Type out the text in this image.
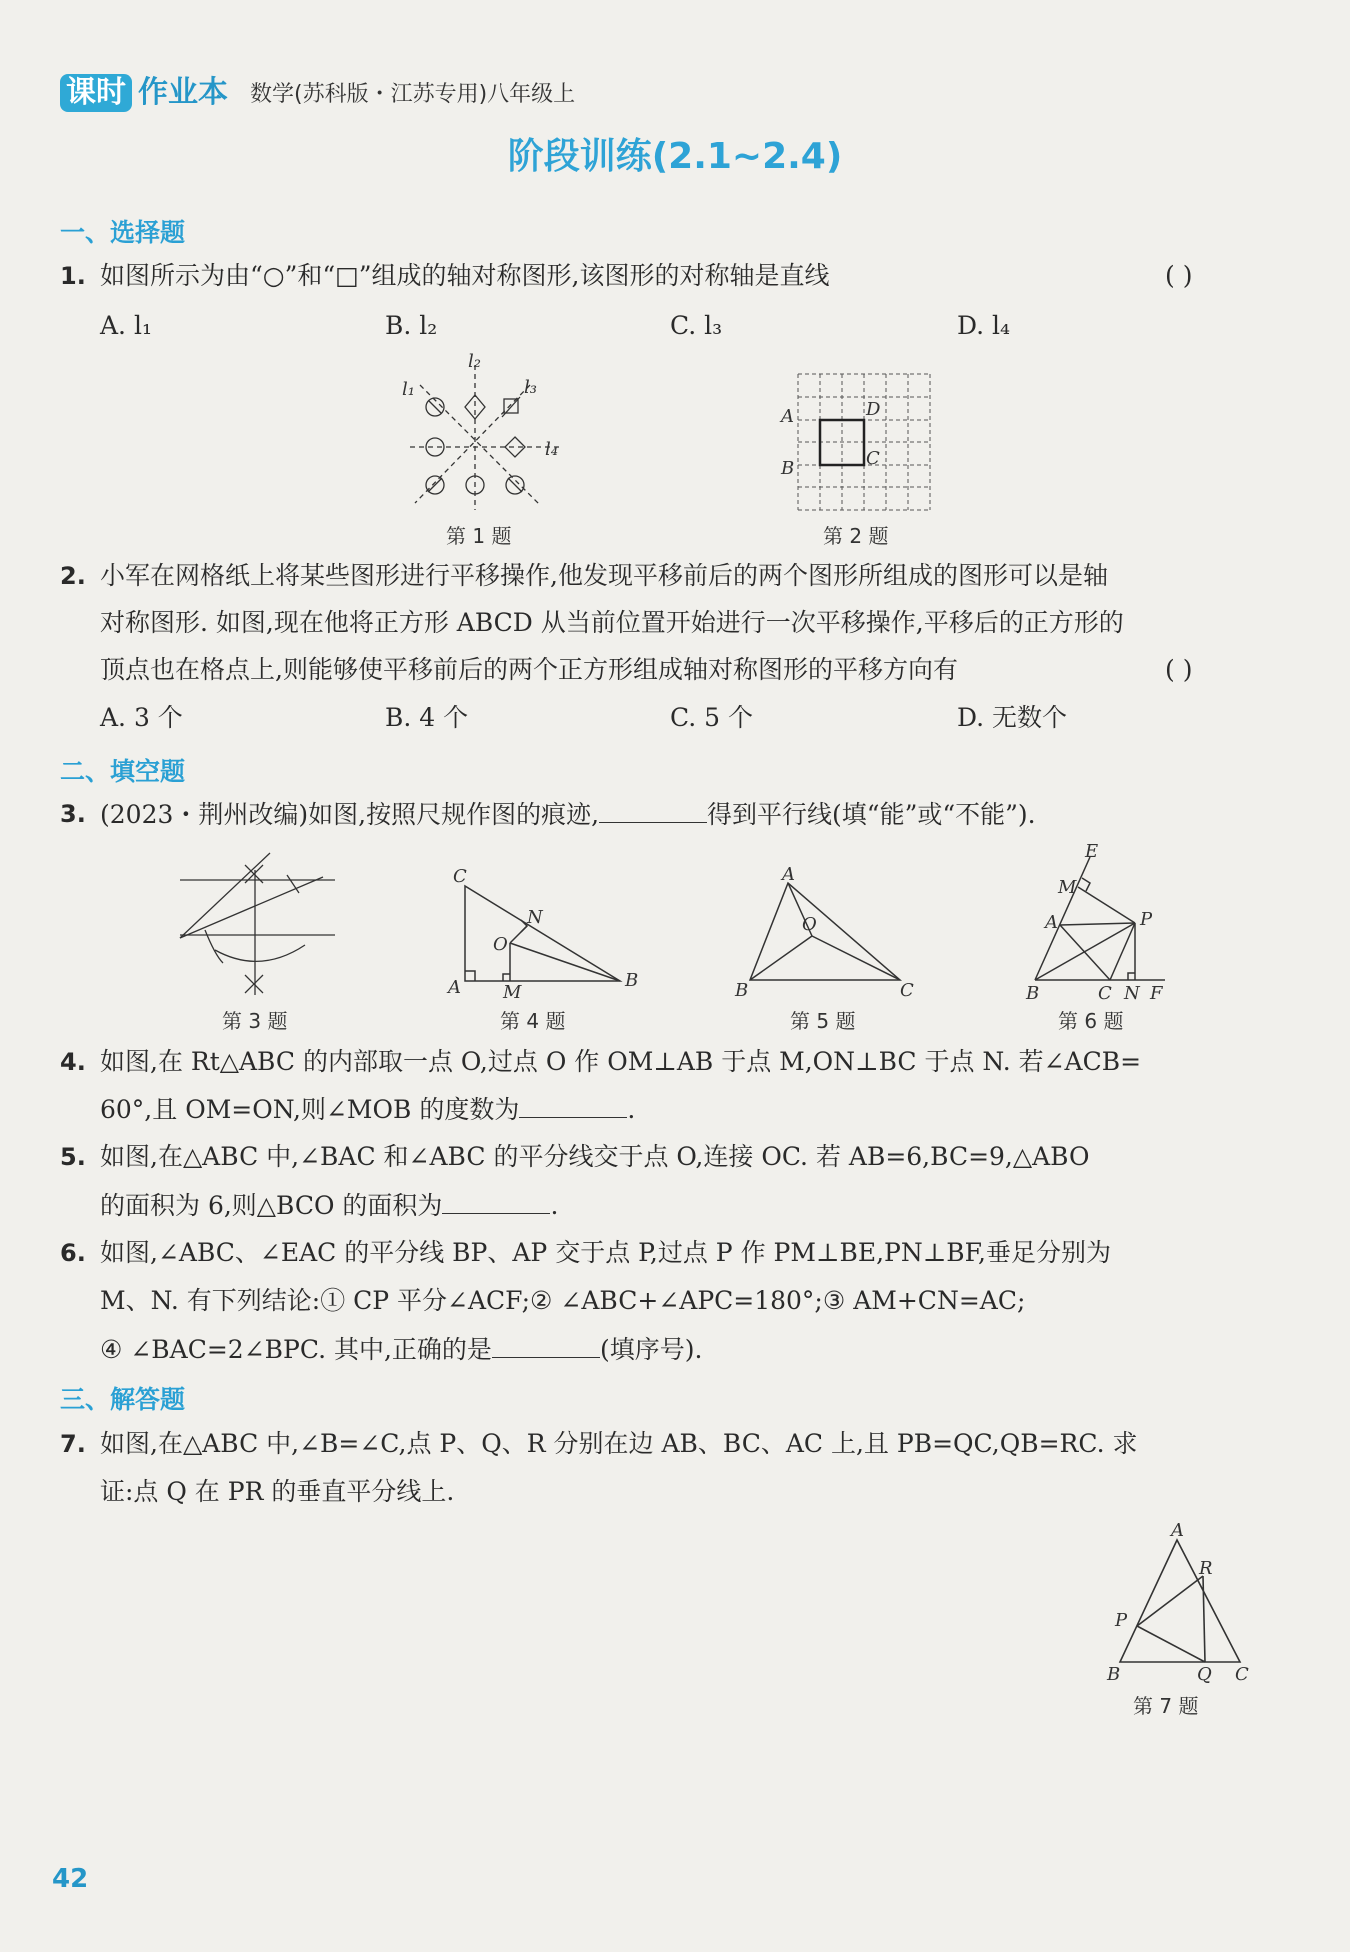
课时 作业本 数学(苏科版・江苏专用)八年级上
阶段训练(2.1~2.4)
一、选择题
1. 如图所示为由“○”和“□”组成的轴对称图形,该图形的对称轴是直线	( )
A. l₁	B. l₂	C. l₃	D. l₄
l₁
l₂
l₃
l₄
第 1 题
A	D
B	C
第 2 题
2. 小军在网格纸上将某些图形进行平移操作,他发现平移前后的两个图形所组成的图形可以是轴
对称图形. 如图,现在他将正方形 ABCD 从当前位置开始进行一次平移操作,平移后的正方形的
顶点也在格点上,则能够使平移前后的两个正方形组成轴对称图形的平移方向有	( )
A. 3 个	B. 4 个	C. 5 个	D. 无数个
二、填空题
3. (2023・荆州改编)如图,按照尺规作图的痕迹,	得到平行线(填“能”或“不能”).
第 3 题
C
N
O
A M
B
第 4 题
A
O
B	C
第 5 题
E
M
A	P
B	C N F
第 6 题
4. 如图,在 Rt△ABC 的内部取一点 O,过点 O 作 OM⊥AB 于点 M,ON⊥BC 于点 N. 若∠ACB=
60°,且 OM=ON,则∠MOB 的度数为	.
5. 如图,在△ABC 中,∠BAC 和∠ABC 的平分线交于点 O,连接 OC. 若 AB=6,BC=9,△ABO
的面积为 6,则△BCO 的面积为	.
6. 如图,∠ABC、∠EAC 的平分线 BP、AP 交于点 P,过点 P 作 PM⊥BE,PN⊥BF,垂足分别为
M、N. 有下列结论:① CP 平分∠ACF;② ∠ABC+∠APC=180°;③ AM+CN=AC;
④ ∠BAC=2∠BPC. 其中,正确的是	(填序号).
三、解答题
7. 如图,在△ABC 中,∠B=∠C,点 P、Q、R 分别在边 AB、BC、AC 上,且 PB=QC,QB=RC. 求
证:点 Q 在 PR 的垂直平分线上.
A
R
P
B	Q C
第 7 题
42
